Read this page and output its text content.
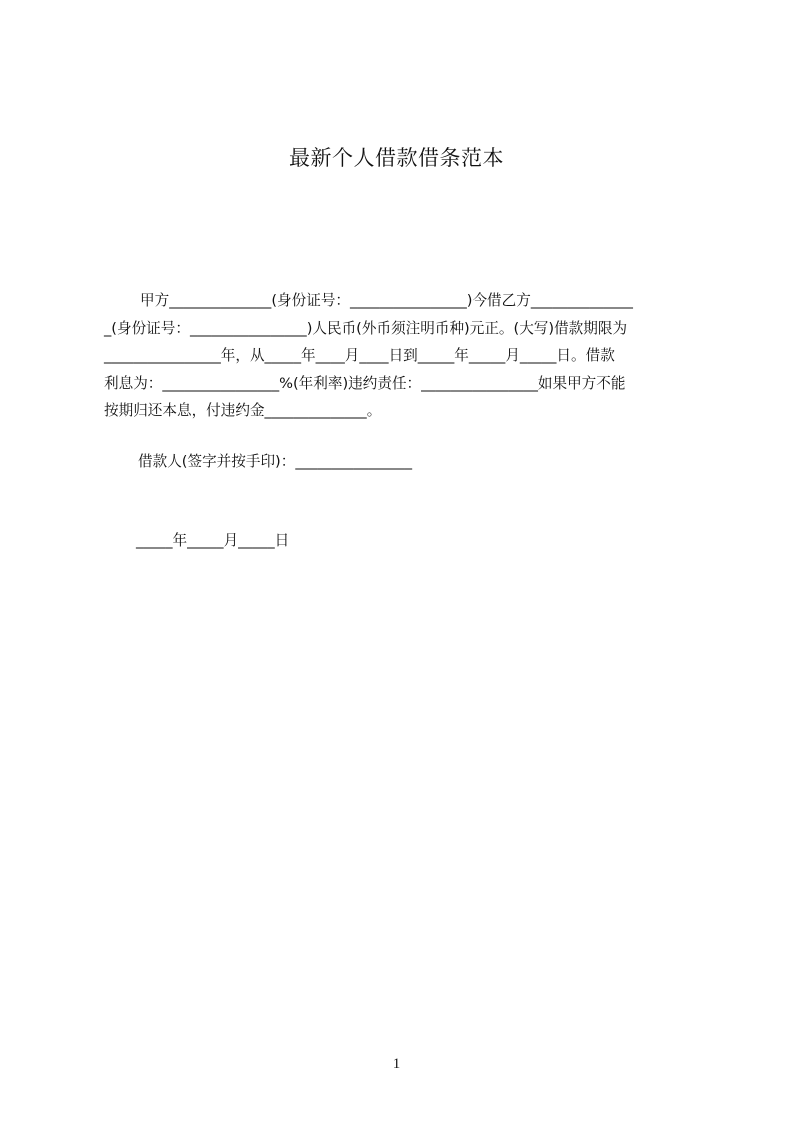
最新个人借款借条范本
甲方______________(身份证号：________________)今借乙方______________
_(身份证号：________________)人民币(外币须注明币种)元正。(大写)借款期限为
________________年，从_____年____月____日到_____年_____月_____日。借款
利息为：________________%(年利率)违约责任：________________如果甲方不能
按期归还本息，付违约金______________。
借款人(签字并按手印)：________________
_____年_____月_____日
1
